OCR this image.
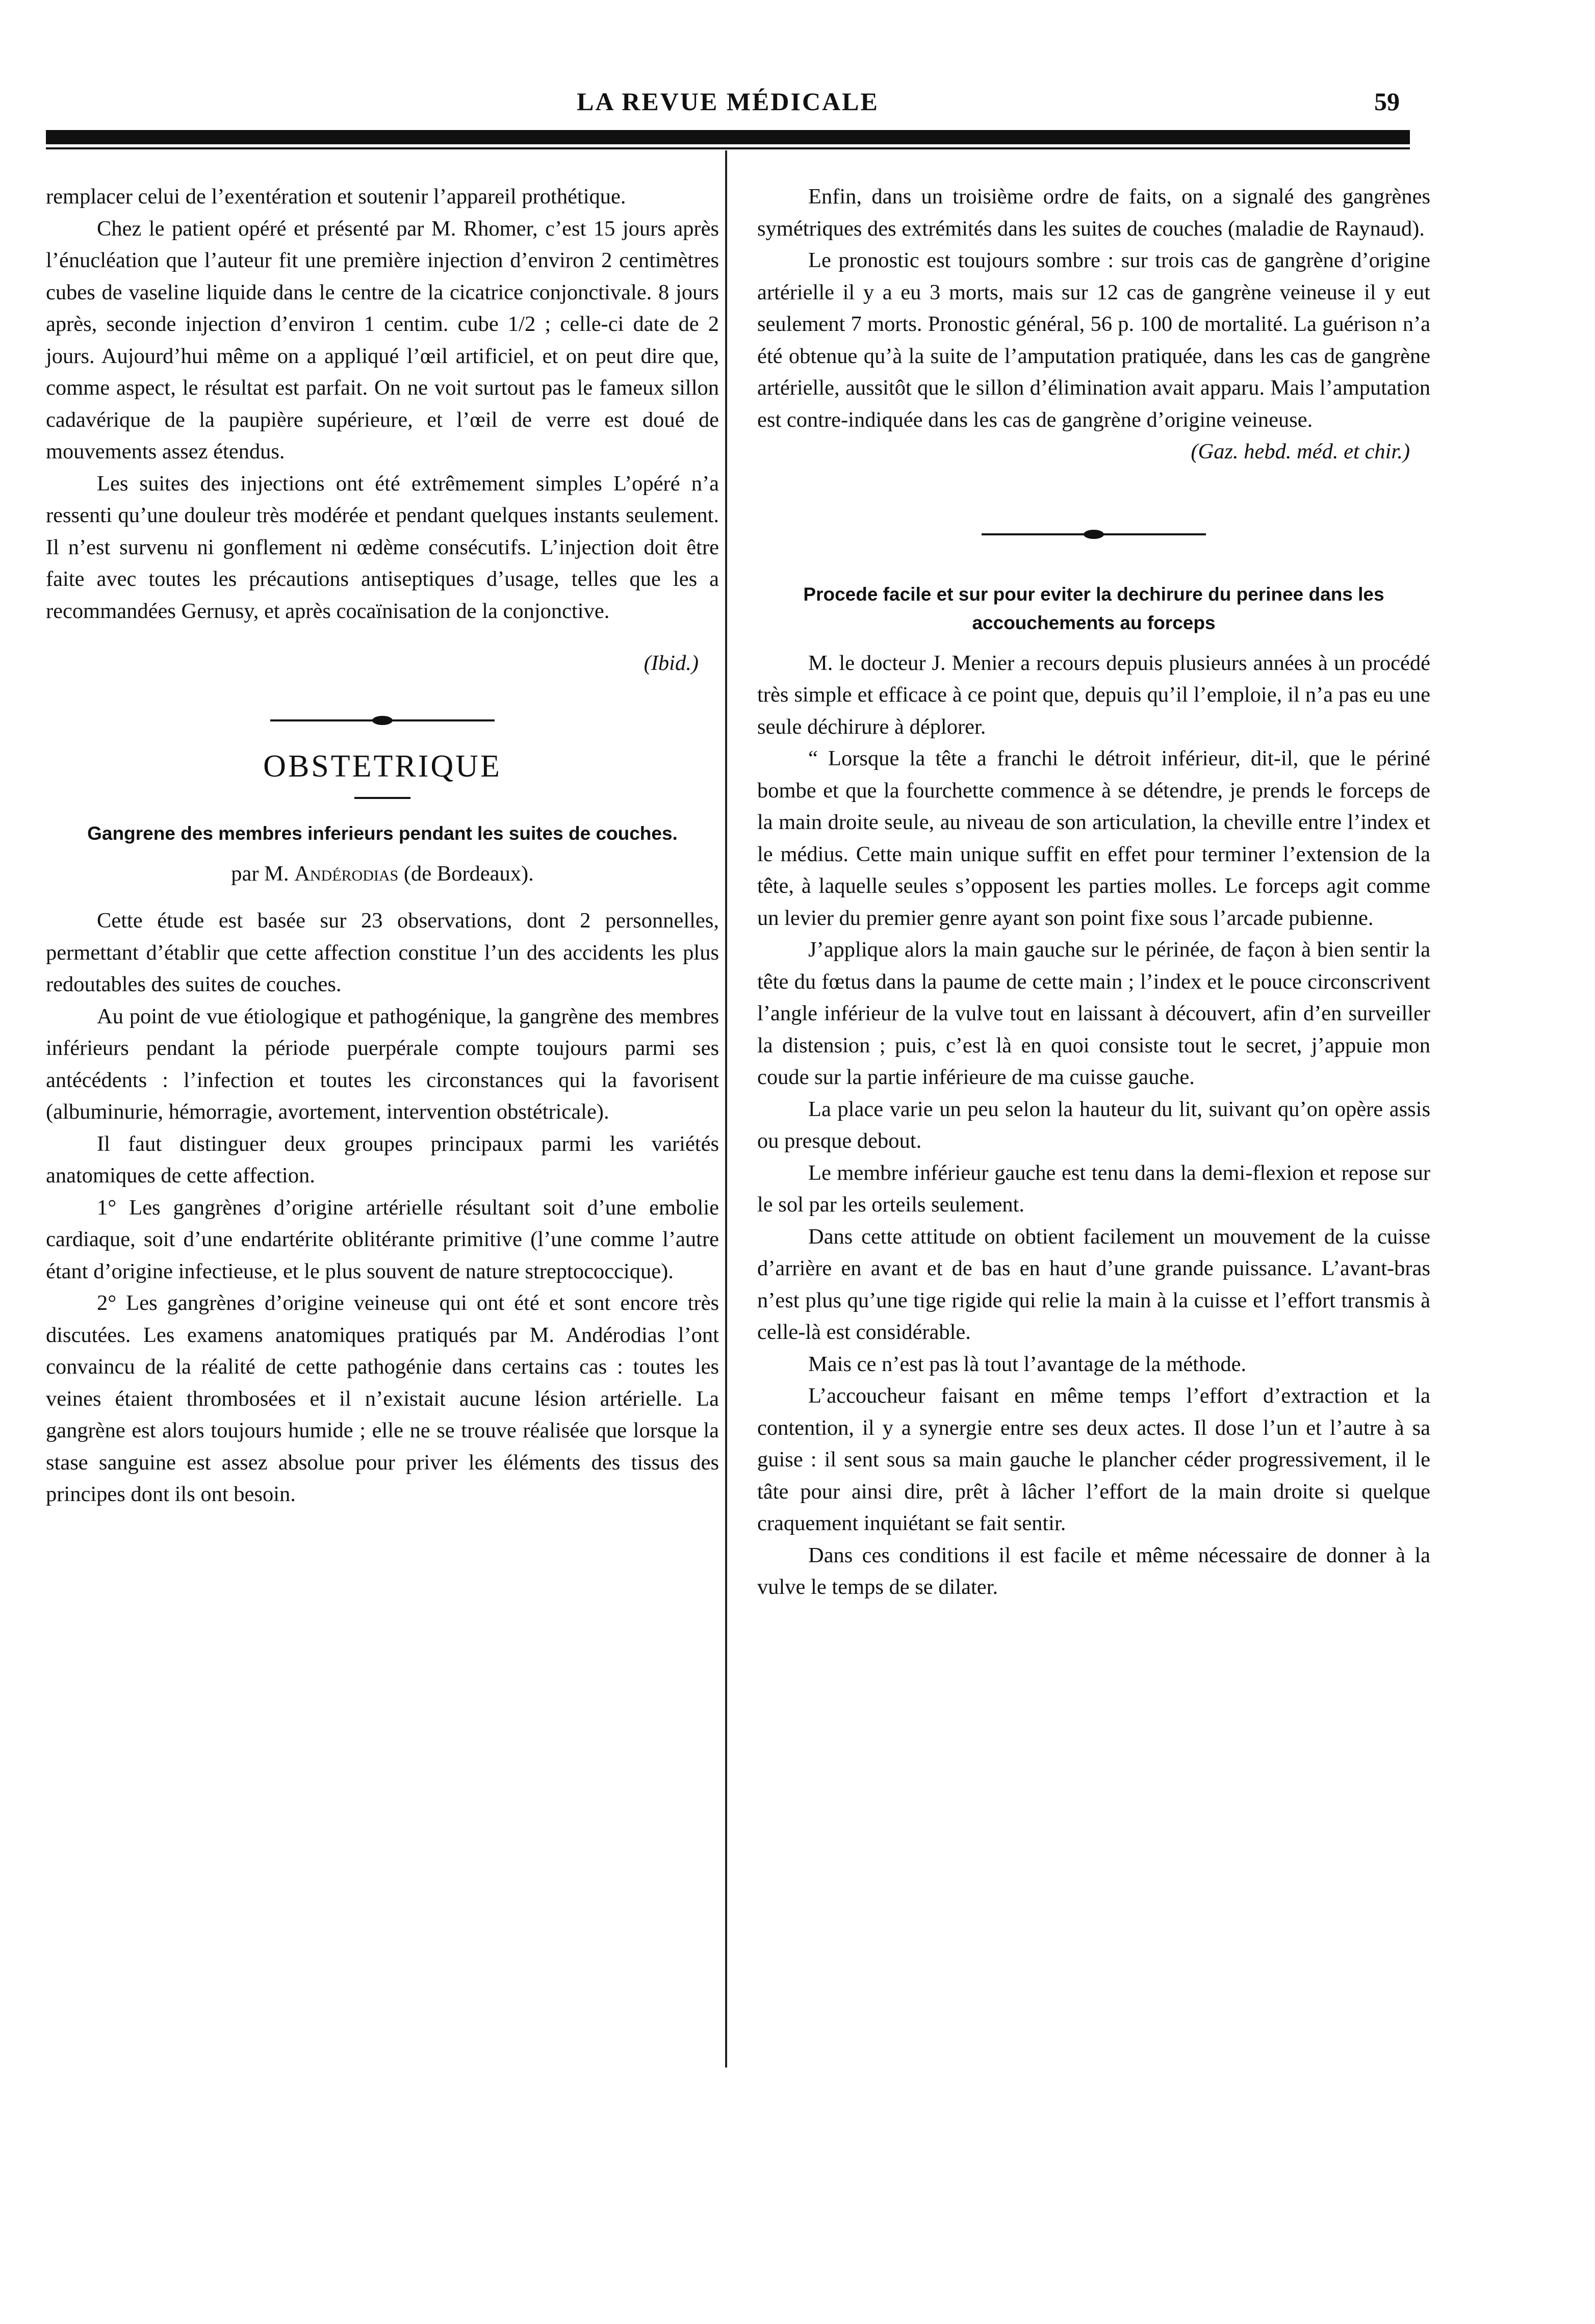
LA REVUE MÉDICALE	59

remplacer celui de l’exentération et soutenir l’appareil prothétique.

Chez le patient opéré et présenté par M. Rhomer, c’est 15 jours après l’énucléation que l’auteur fit une première injection d’environ 2 centimètres cubes de vaseline liquide dans le centre de la cicatrice conjonctivale. 8 jours après, seconde injection d’environ 1 centim. cube 1/2 ; celle-ci date de 2 jours. Aujourd’hui même on a appliqué l’œil artificiel, et on peut dire que, comme aspect, le résultat est parfait. On ne voit surtout pas le fameux sillon cadavérique de la paupière supérieure, et l’œil de verre est doué de mouvements assez étendus.

Les suites des injections ont été extrêmement simples L’opéré n’a ressenti qu’une douleur très modérée et pendant quelques instants seulement. Il n’est survenu ni gonflement ni œdème consécutifs. L’injection doit être faite avec toutes les précautions antiseptiques d’usage, telles que les a recommandées Gernusy, et après cocaïnisation de la conjonctive.

(Ibid.)

OBSTETRIQUE
Gangrene des membres inferieurs pendant les suites de couches.
par M. Andérodias (de Bordeaux).

Cette étude est basée sur 23 observations, dont 2 personnelles, permettant d’établir que cette affection constitue l’un des accidents les plus redoutables des suites de couches.

Au point de vue étiologique et pathogénique, la gangrène des membres inférieurs pendant la période puerpérale compte toujours parmi ses antécédents : l’infection et toutes les circonstances qui la favorisent (albuminurie, hémorragie, avortement, intervention obstétricale).

Il faut distinguer deux groupes principaux parmi les variétés anatomiques de cette affection.

1° Les gangrènes d’origine artérielle résultant soit d’une embolie cardiaque, soit d’une endartérite oblitérante primitive (l’une comme l’autre étant d’origine infectieuse, et le plus souvent de nature streptococcique).

2° Les gangrènes d’origine veineuse qui ont été et sont encore très discutées. Les examens anatomiques pratiqués par M. Andérodias l’ont convaincu de la réalité de cette pathogénie dans certains cas : toutes les veines étaient thrombosées et il n’existait aucune lésion artérielle. La gangrène est alors toujours humide ; elle ne se trouve réalisée que lorsque la stase sanguine est assez absolue pour priver les éléments des tissus des principes dont ils ont besoin.

Enfin, dans un troisième ordre de faits, on a signalé des gangrènes symétriques des extrémités dans les suites de couches (maladie de Raynaud).

Le pronostic est toujours sombre : sur trois cas de gangrène d’origine artérielle il y a eu 3 morts, mais sur 12 cas de gangrène veineuse il y eut seulement 7 morts. Pronostic général, 56 p. 100 de mortalité. La guérison n’a été obtenue qu’à la suite de l’amputation pratiquée, dans les cas de gangrène artérielle, aussitôt que le sillon d’élimination avait apparu. Mais l’amputation est contre-indiquée dans les cas de gangrène d’origine veineuse.

(Gaz. hebd. méd. et chir.)

Procede facile et sur pour eviter la dechirure du perinee dans les accouchements au forceps

M. le docteur J. Menier a recours depuis plusieurs années à un procédé très simple et efficace à ce point que, depuis qu’il l’emploie, il n’a pas eu une seule déchirure à déplorer.

“ Lorsque la tête a franchi le détroit inférieur, dit-il, que le périné bombe et que la fourchette commence à se détendre, je prends le forceps de la main droite seule, au niveau de son articulation, la cheville entre l’index et le médius. Cette main unique suffit en effet pour terminer l’extension de la tête, à laquelle seules s’opposent les parties molles. Le forceps agit comme un levier du premier genre ayant son point fixe sous l’arcade pubienne.

J’applique alors la main gauche sur le périnée, de façon à bien sentir la tête du fœtus dans la paume de cette main ; l’index et le pouce circonscrivent l’angle inférieur de la vulve tout en laissant à découvert, afin d’en surveiller la distension ; puis, c’est là en quoi consiste tout le secret, j’appuie mon coude sur la partie inférieure de ma cuisse gauche.

La place varie un peu selon la hauteur du lit, suivant qu’on opère assis ou presque debout.

Le membre inférieur gauche est tenu dans la demi-flexion et repose sur le sol par les orteils seulement.

Dans cette attitude on obtient facilement un mouvement de la cuisse d’arrière en avant et de bas en haut d’une grande puissance. L’avant-bras n’est plus qu’une tige rigide qui relie la main à la cuisse et l’effort transmis à celle-là est considérable.

Mais ce n’est pas là tout l’avantage de la méthode.

L’accoucheur faisant en même temps l’effort d’extraction et la contention, il y a synergie entre ses deux actes. Il dose l’un et l’autre à sa guise : il sent sous sa main gauche le plancher céder progressivement, il le tâte pour ainsi dire, prêt à lâcher l’effort de la main droite si quelque craquement inquiétant se fait sentir.

Dans ces conditions il est facile et même nécessaire de donner à la vulve le temps de se dilater.
